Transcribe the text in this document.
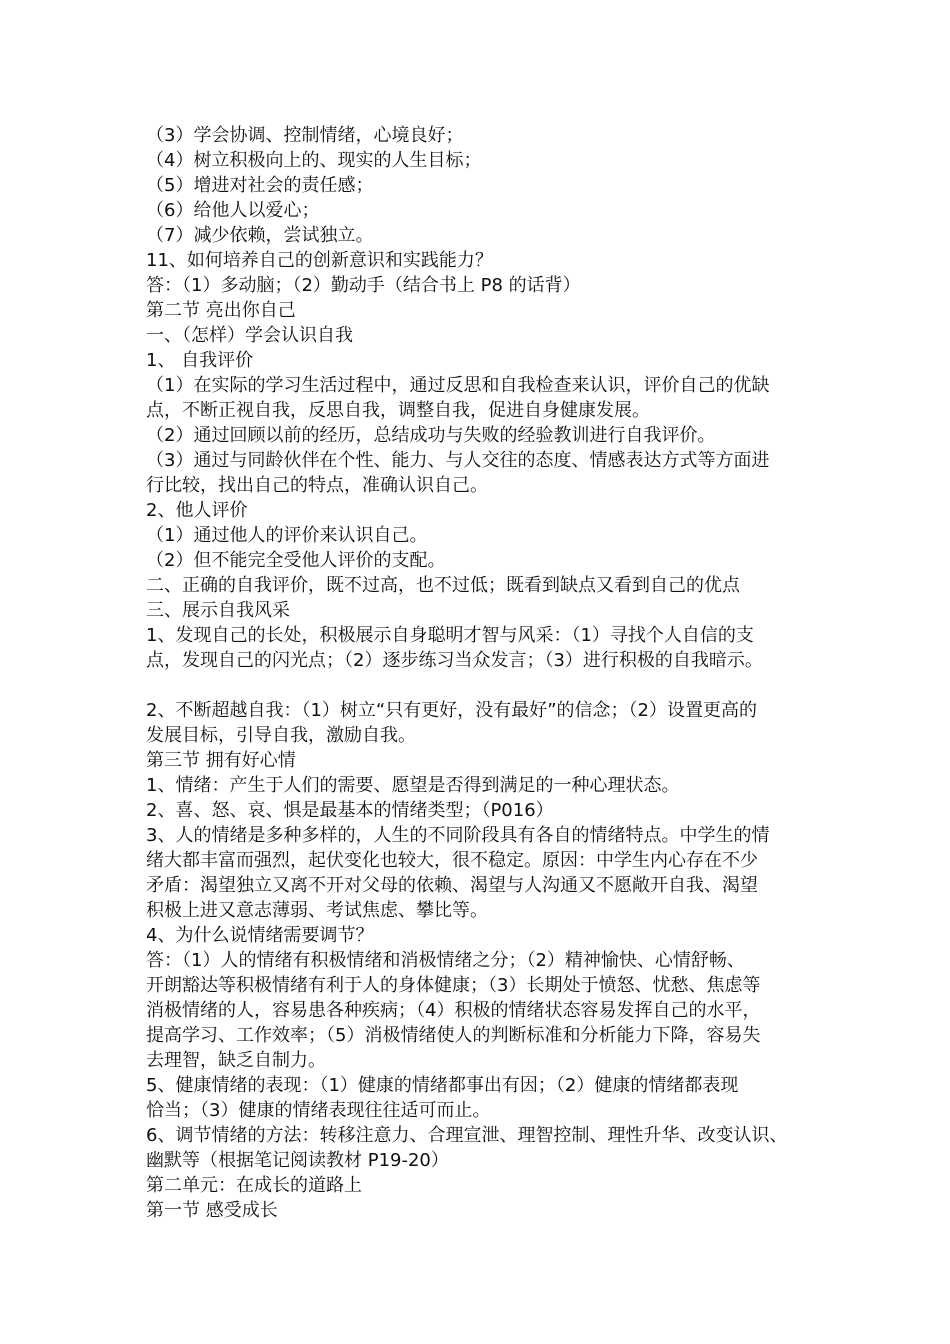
（3）学会协调、控制情绪，心境良好；
（4）树立积极向上的、现实的人生目标；
（5）增进对社会的责任感；
（6）给他人以爱心；
（7）减少依赖，尝试独立。
11、如何培养自己的创新意识和实践能力？
答：（1）多动脑；（2）勤动手（结合书上 P8 的话背）
第二节 亮出你自己
一、（怎样）学会认识自我
1、 自我评价
（1）在实际的学习生活过程中，通过反思和自我检查来认识，评价自己的优缺
点，不断正视自我，反思自我，调整自我，促进自身健康发展。
（2）通过回顾以前的经历，总结成功与失败的经验教训进行自我评价。
（3）通过与同龄伙伴在个性、能力、与人交往的态度、情感表达方式等方面进
行比较，找出自己的特点，准确认识自己。
2、他人评价
（1）通过他人的评价来认识自己。
（2）但不能完全受他人评价的支配。
二、正确的自我评价，既不过高，也不过低；既看到缺点又看到自己的优点
三、展示自我风采
1、发现自己的长处，积极展示自身聪明才智与风采：（1）寻找个人自信的支
点，发现自己的闪光点；（2）逐步练习当众发言；（3）进行积极的自我暗示。
2、不断超越自我：（1）树立“只有更好，没有最好”的信念；（2）设置更高的
发展目标，引导自我，激励自我。
第三节 拥有好心情
1、情绪：产生于人们的需要、愿望是否得到满足的一种心理状态。
2、喜、怒、哀、惧是最基本的情绪类型；（P016）
3、人的情绪是多种多样的，人生的不同阶段具有各自的情绪特点。中学生的情
绪大都丰富而强烈，起伏变化也较大，很不稳定。原因：中学生内心存在不少
矛盾：渴望独立又离不开对父母的依赖、渴望与人沟通又不愿敞开自我、渴望
积极上进又意志薄弱、考试焦虑、攀比等。
4、为什么说情绪需要调节？
答：（1）人的情绪有积极情绪和消极情绪之分；（2）精神愉快、心情舒畅、
开朗豁达等积极情绪有利于人的身体健康；（3）长期处于愤怒、忧愁、焦虑等
消极情绪的人，容易患各种疾病；（4）积极的情绪状态容易发挥自己的水平，
提高学习、工作效率；（5）消极情绪使人的判断标准和分析能力下降，容易失
去理智，缺乏自制力。
5、健康情绪的表现：（1）健康的情绪都事出有因；（2）健康的情绪都表现
恰当；（3）健康的情绪表现往往适可而止。
6、调节情绪的方法：转移注意力、合理宣泄、理智控制、理性升华、改变认识、
幽默等（根据笔记阅读教材 P19-20）
第二单元：在成长的道路上
第一节 感受成长
